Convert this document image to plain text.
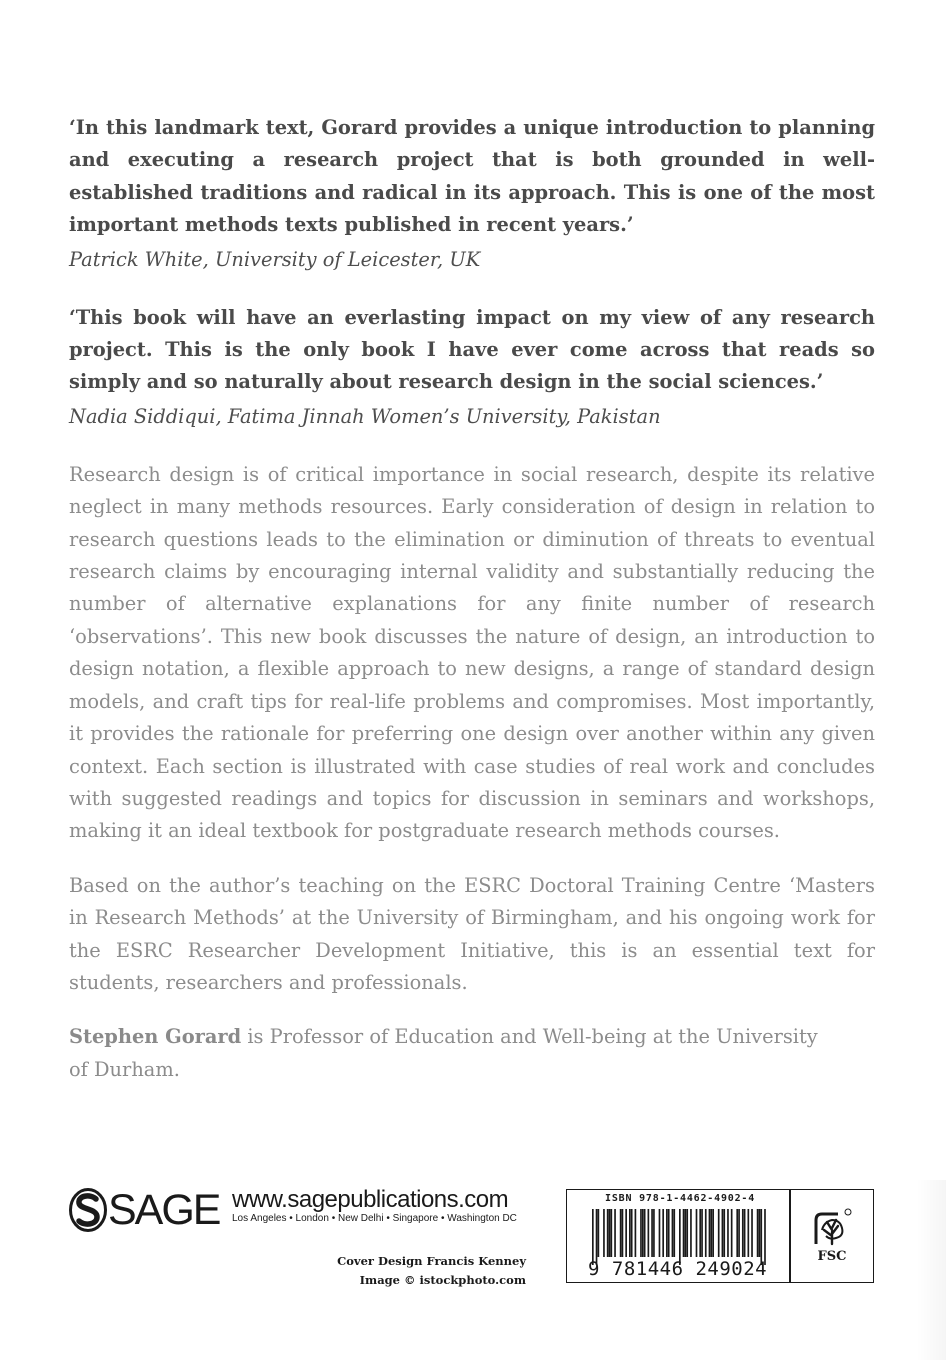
‘In this landmark text, Gorard provides a unique introduction to planning and executing a research project that is both grounded in well-established traditions and radical in its approach. This is one of the most important methods texts published in recent years.’

Patrick White, University of Leicester, UK

‘This book will have an everlasting impact on my view of any research project. This is the only book I have ever come across that reads so simply and so naturally about research design in the social sciences.’

Nadia Siddiqui, Fatima Jinnah Women’s University, Pakistan

Research design is of critical importance in social research, despite its relative neglect in many methods resources. Early consideration of design in relation to research questions leads to the elimination or diminution of threats to eventual research claims by encouraging internal validity and substantially reducing the number of alternative explanations for any finite number of research ‘observations’. This new book discusses the nature of design, an introduction to design notation, a flexible approach to new designs, a range of standard design models, and craft tips for real-life problems and compromises. Most importantly, it provides the rationale for preferring one design over another within any given context. Each section is illustrated with case studies of real work and concludes with suggested readings and topics for discussion in seminars and workshops, making it an ideal textbook for postgraduate research methods courses.

Based on the author’s teaching on the ESRC Doctoral Training Centre ‘Masters in Research Methods’ at the University of Birmingham, and his ongoing work for the ESRC Researcher Development Initiative, this is an essential text for students, researchers and professionals.

Stephen Gorard is Professor of Education and Well-being at the University of Durham.

SAGE www.sagepublications.com
Los Angeles • London • New Delhi • Singapore • Washington DC
Cover Design Francis Kenney
Image © istockphoto.com
ISBN 978-1-4462-4902-4
9 781446 249024
FSC
